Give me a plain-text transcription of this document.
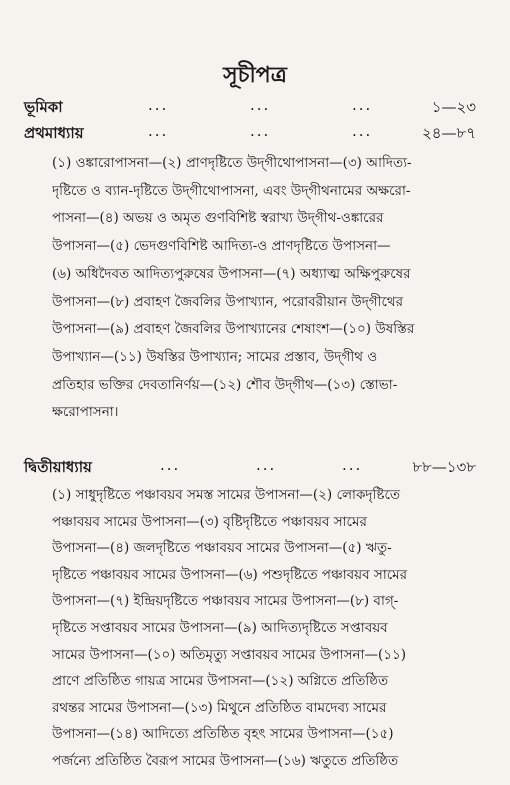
সূচীপত্র
ভূমিকা	...	...	...	১—২৩
প্রথমাধ্যায়	...	...	...	২৪—৮৭
(১) ওঙ্কারোপাসনা—(২) প্রাণদৃষ্টিতে উদ্‌গীথোপাসনা—(৩) আদিত্য-
দৃষ্টিতে ও ব্যান-দৃষ্টিতে উদ্‌গীথোপাসনা, এবং উদ্‌গীথনামের অক্ষরো-
পাসনা—(৪) অভয় ও অমৃত গুণবিশিষ্ট স্বরাখ্য উদ্‌গীথ-ওঙ্কারের
উপাসনা—(৫) ভেদগুণবিশিষ্ট আদিত্য-ও প্রাণদৃষ্টিতে উপাসনা—
(৬) অধিদৈবত আদিত্যপুরুষের উপাসনা—(৭) অধ্যাত্ম অক্ষিপুরুষের
উপাসনা—(৮) প্রবাহণ জৈবলির উপাখ্যান, পরোবরীয়ান উদ্‌গীথের
উপাসনা—(৯) প্রবাহণ জৈবলির উপাখ্যানের শেষাংশ—(১০) উষস্তির
উপাখ্যান—(১১) উষস্তির উপাখ্যান; সামের প্রস্তাব, উদ্‌গীথ ও
প্রতিহার ভক্তির দেবতানির্ণয়—(১২) শৌব উদ্‌গীথ—(১৩) স্তোভা-
ক্ষরোপাসনা।
দ্বিতীয়াধ্যায়	...	...	...	৮৮—১৩৮
(১) সাধুদৃষ্টিতে পঞ্চাবয়ব সমস্ত সামের উপাসনা—(২) লোকদৃষ্টিতে
পঞ্চাবয়ব সামের উপাসনা—(৩) বৃষ্টিদৃষ্টিতে পঞ্চাবয়ব সামের
উপাসনা—(৪) জলদৃষ্টিতে পঞ্চাবয়ব সামের উপাসনা—(৫) ঋতু-
দৃষ্টিতে পঞ্চাবয়ব সামের উপাসনা—(৬) পশুদৃষ্টিতে পঞ্চাবয়ব সামের
উপাসনা—(৭) ইন্দ্রিয়দৃষ্টিতে পঞ্চাবয়ব সামের উপাসনা—(৮) বাগ্-
দৃষ্টিতে সপ্তাবয়ব সামের উপাসনা—(৯) আদিত্যদৃষ্টিতে সপ্তাবয়ব
সামের উপাসনা—(১০) অতিমৃত্যু সপ্তাবয়ব সামের উপাসনা—(১১)
প্রাণে প্রতিষ্ঠিত গায়ত্র সামের উপাসনা—(১২) অগ্নিতে প্রতিষ্ঠিত
রথন্তর সামের উপাসনা—(১৩) মিথুনে প্রতিষ্ঠিত বামদেব্য সামের
উপাসনা—(১৪) আদিত্যে প্রতিষ্ঠিত বৃহৎ সামের উপাসনা—(১৫)
পর্জন্যে প্রতিষ্ঠিত বৈরূপ সামের উপাসনা—(১৬) ঋতুতে প্রতিষ্ঠিত
